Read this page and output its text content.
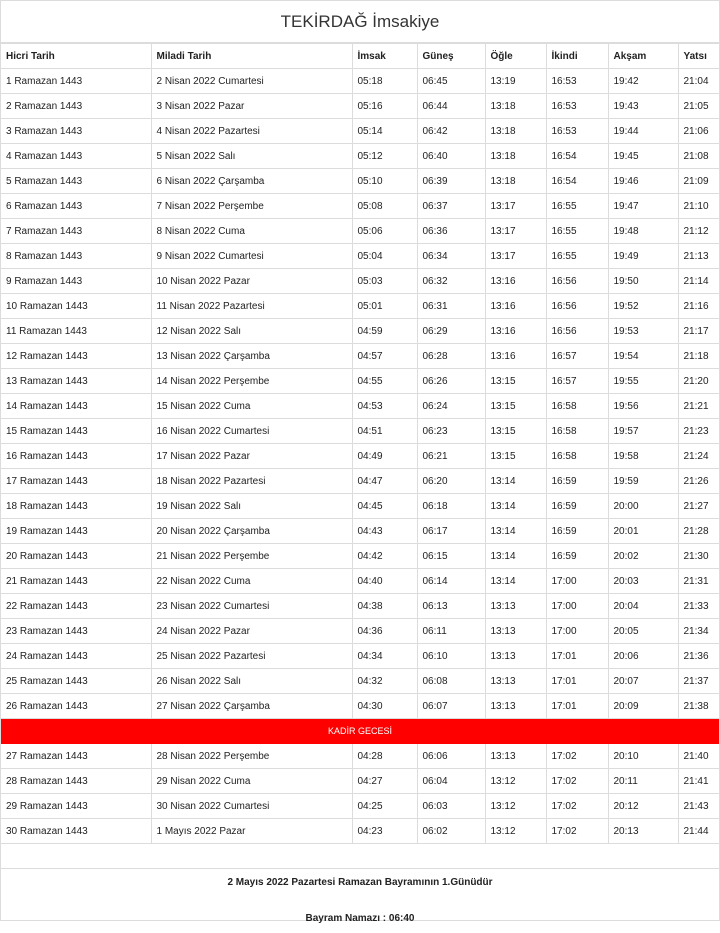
TEKİRDAĞ İmsakiye
Hicri Tarih	Miladi Tarih	İmsak	Güneş	Öğle	İkindi	Akşam	Yatsı
1 Ramazan 1443	2 Nisan 2022 Cumartesi	05:18	06:45	13:19	16:53	19:42	21:04
2 Ramazan 1443	3 Nisan 2022 Pazar	05:16	06:44	13:18	16:53	19:43	21:05
3 Ramazan 1443	4 Nisan 2022 Pazartesi	05:14	06:42	13:18	16:53	19:44	21:06
4 Ramazan 1443	5 Nisan 2022 Salı	05:12	06:40	13:18	16:54	19:45	21:08
5 Ramazan 1443	6 Nisan 2022 Çarşamba	05:10	06:39	13:18	16:54	19:46	21:09
6 Ramazan 1443	7 Nisan 2022 Perşembe	05:08	06:37	13:17	16:55	19:47	21:10
7 Ramazan 1443	8 Nisan 2022 Cuma	05:06	06:36	13:17	16:55	19:48	21:12
8 Ramazan 1443	9 Nisan 2022 Cumartesi	05:04	06:34	13:17	16:55	19:49	21:13
9 Ramazan 1443	10 Nisan 2022 Pazar	05:03	06:32	13:16	16:56	19:50	21:14
10 Ramazan 1443	11 Nisan 2022 Pazartesi	05:01	06:31	13:16	16:56	19:52	21:16
11 Ramazan 1443	12 Nisan 2022 Salı	04:59	06:29	13:16	16:56	19:53	21:17
12 Ramazan 1443	13 Nisan 2022 Çarşamba	04:57	06:28	13:16	16:57	19:54	21:18
13 Ramazan 1443	14 Nisan 2022 Perşembe	04:55	06:26	13:15	16:57	19:55	21:20
14 Ramazan 1443	15 Nisan 2022 Cuma	04:53	06:24	13:15	16:58	19:56	21:21
15 Ramazan 1443	16 Nisan 2022 Cumartesi	04:51	06:23	13:15	16:58	19:57	21:23
16 Ramazan 1443	17 Nisan 2022 Pazar	04:49	06:21	13:15	16:58	19:58	21:24
17 Ramazan 1443	18 Nisan 2022 Pazartesi	04:47	06:20	13:14	16:59	19:59	21:26
18 Ramazan 1443	19 Nisan 2022 Salı	04:45	06:18	13:14	16:59	20:00	21:27
19 Ramazan 1443	20 Nisan 2022 Çarşamba	04:43	06:17	13:14	16:59	20:01	21:28
20 Ramazan 1443	21 Nisan 2022 Perşembe	04:42	06:15	13:14	16:59	20:02	21:30
21 Ramazan 1443	22 Nisan 2022 Cuma	04:40	06:14	13:14	17:00	20:03	21:31
22 Ramazan 1443	23 Nisan 2022 Cumartesi	04:38	06:13	13:13	17:00	20:04	21:33
23 Ramazan 1443	24 Nisan 2022 Pazar	04:36	06:11	13:13	17:00	20:05	21:34
24 Ramazan 1443	25 Nisan 2022 Pazartesi	04:34	06:10	13:13	17:01	20:06	21:36
25 Ramazan 1443	26 Nisan 2022 Salı	04:32	06:08	13:13	17:01	20:07	21:37
26 Ramazan 1443	27 Nisan 2022 Çarşamba	04:30	06:07	13:13	17:01	20:09	21:38
KADİR GECESİ							
27 Ramazan 1443	28 Nisan 2022 Perşembe	04:28	06:06	13:13	17:02	20:10	21:40
28 Ramazan 1443	29 Nisan 2022 Cuma	04:27	06:04	13:12	17:02	20:11	21:41
29 Ramazan 1443	30 Nisan 2022 Cumartesi	04:25	06:03	13:12	17:02	20:12	21:43
30 Ramazan 1443	1 Mayıs 2022 Pazar	04:23	06:02	13:12	17:02	20:13	21:44
2 Mayıs 2022 Pazartesi Ramazan Bayramının 1.Günüdür
Bayram Namazı : 06:40
